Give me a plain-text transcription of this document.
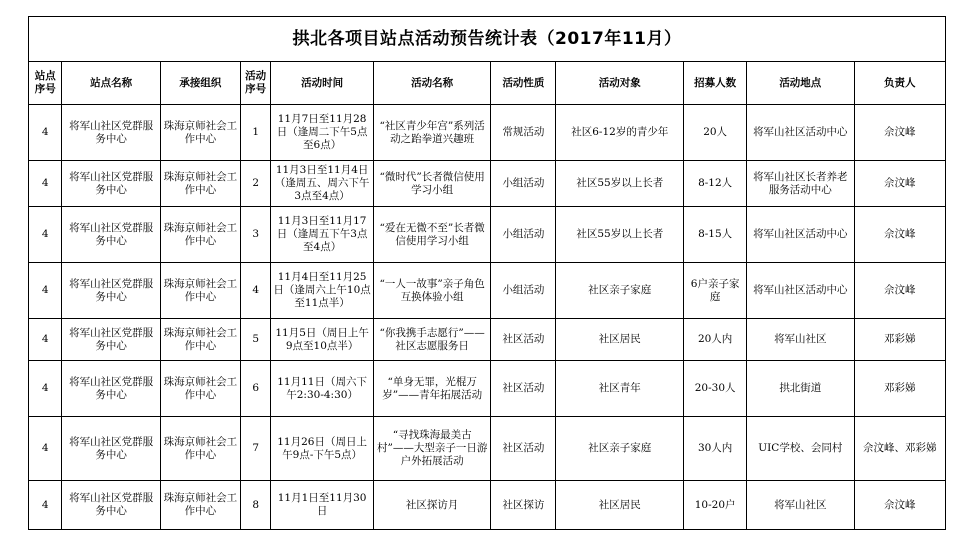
拱北各项目站点活动预告统计表（2017年11月）										
站点序号	站点名称	承接组织	活动序号	活动时间	活动名称	活动性质	活动对象	招募人数	活动地点	负责人
4	将军山社区党群服务中心	珠海京师社会工作中心	1	11月7日至11月28日（逢周二下午5点至6点）	“社区青少年宫”系列活动之跆拳道兴趣班	常规活动	社区6-12岁的青少年	20人	将军山社区活动中心	佘汶峰
4	将军山社区党群服务中心	珠海京师社会工作中心	2	11月3日至11月4日（逢周五、周六下午3点至4点）	“微时代”长者微信使用学习小组	小组活动	社区55岁以上长者	8-12人	将军山社区长者养老服务活动中心	佘汶峰
4	将军山社区党群服务中心	珠海京师社会工作中心	3	11月3日至11月17日（逢周五下午3点至4点）	“爱在无微不至”长者微信使用学习小组	小组活动	社区55岁以上长者	8-15人	将军山社区活动中心	佘汶峰
4	将军山社区党群服务中心	珠海京师社会工作中心	4	11月4日至11月25日（逢周六上午10点至11点半）	“一人一故事”亲子角色互换体验小组	小组活动	社区亲子家庭	6户亲子家庭	将军山社区活动中心	佘汶峰
4	将军山社区党群服务中心	珠海京师社会工作中心	5	11月5日（周日上午9点至10点半）	“你我携手志愿行”——社区志愿服务日	社区活动	社区居民	20人内	将军山社区	邓彩娣
4	将军山社区党群服务中心	珠海京师社会工作中心	6	11月11日（周六下午2:30-4:30）	“单身无罪，光棍万岁”——青年拓展活动	社区活动	社区青年	20-30人	拱北街道	邓彩娣
4	将军山社区党群服务中心	珠海京师社会工作中心	7	11月26日（周日上午9点-下午5点）	“寻找珠海最美古村”——大型亲子一日游户外拓展活动	社区活动	社区亲子家庭	30人内	UIC学校、会同村	佘汶峰、邓彩娣
4	将军山社区党群服务中心	珠海京师社会工作中心	8	11月1日至11月30日	社区探访月	社区探访	社区居民	10-20户	将军山社区	佘汶峰
